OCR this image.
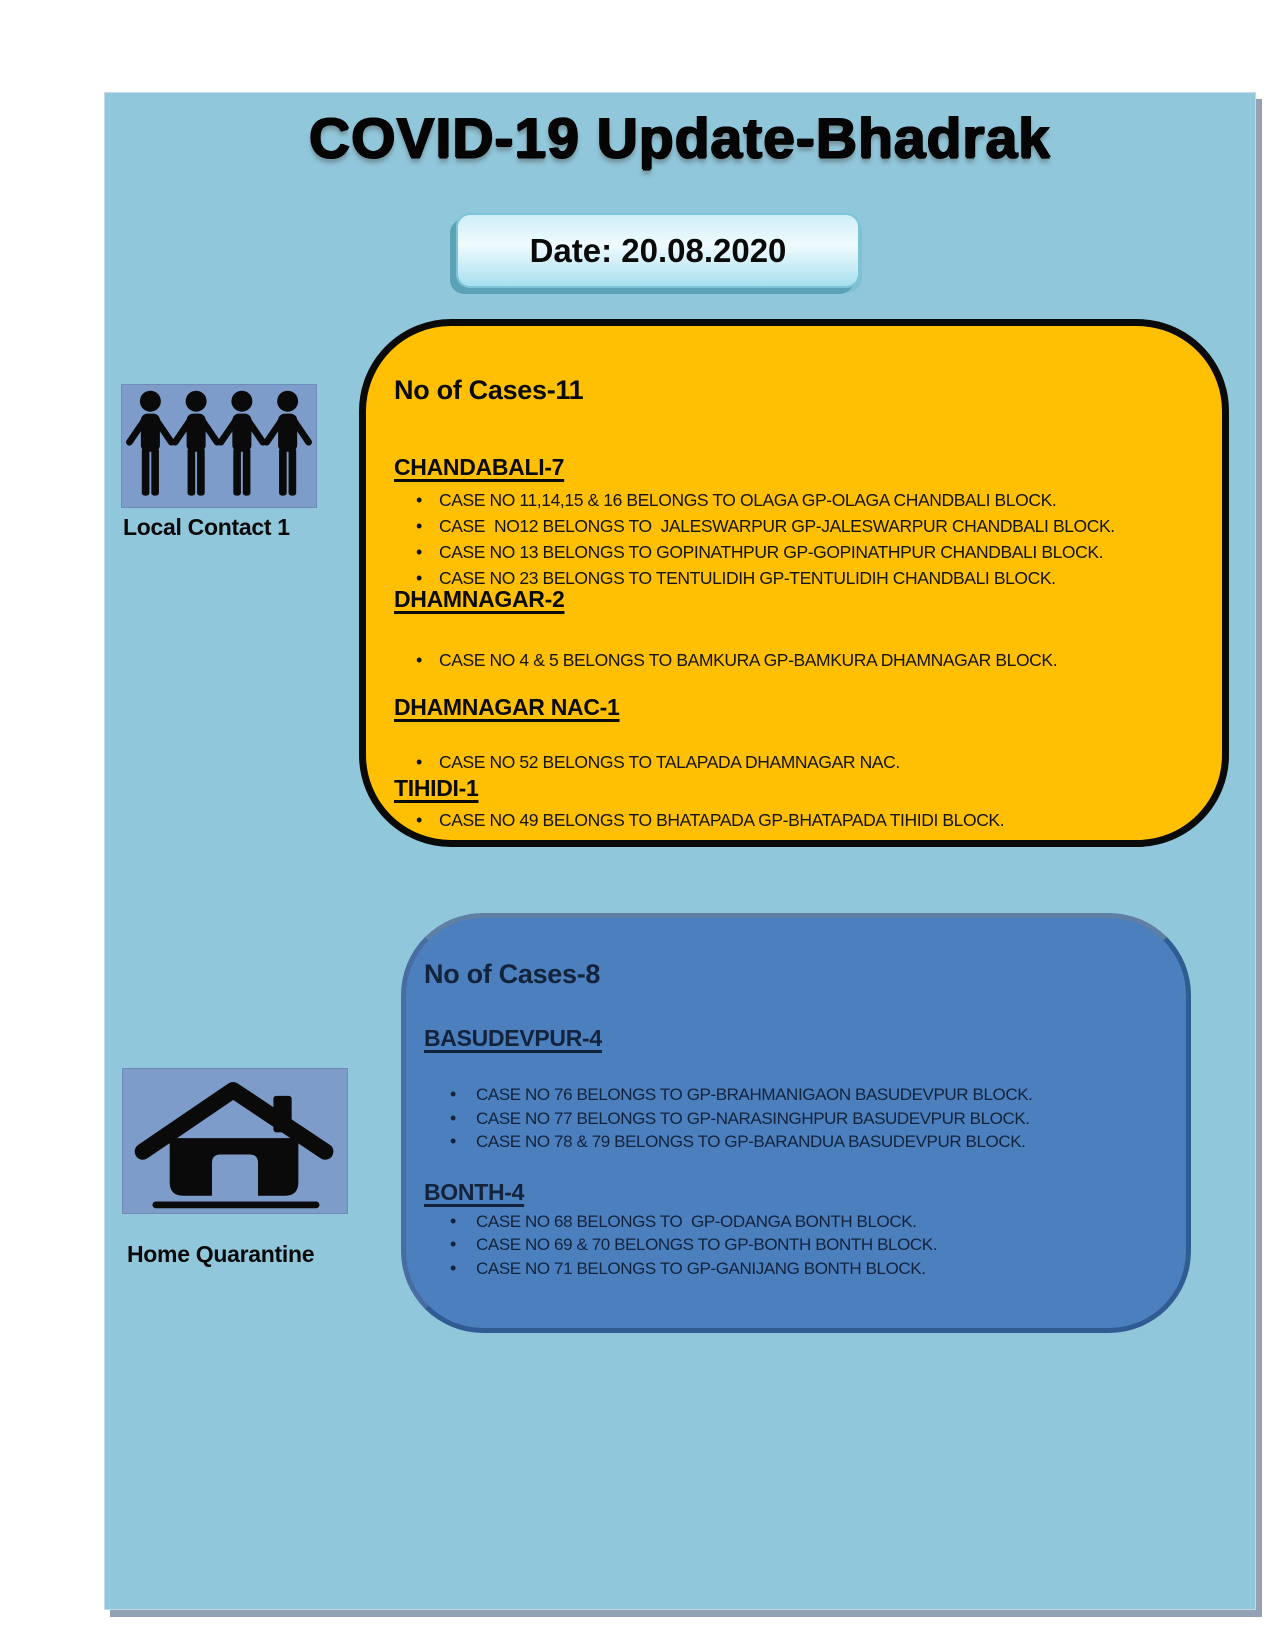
COVID-19 Update-Bhadrak
Date: 20.08.2020
Local Contact 1
Home Quarantine
No of Cases-11
CHANDABALI-7
• CASE NO 11,14,15 & 16 BELONGS TO OLAGA GP-OLAGA CHANDBALI BLOCK.
• CASE  NO12 BELONGS TO  JALESWARPUR GP-JALESWARPUR CHANDBALI BLOCK.
• CASE NO 13 BELONGS TO GOPINATHPUR GP-GOPINATHPUR CHANDBALI BLOCK.
• CASE NO 23 BELONGS TO TENTULIDIH GP-TENTULIDIH CHANDBALI BLOCK.
DHAMNAGAR-2
• CASE NO 4 & 5 BELONGS TO BAMKURA GP-BAMKURA DHAMNAGAR BLOCK.
DHAMNAGAR NAC-1
• CASE NO 52 BELONGS TO TALAPADA DHAMNAGAR NAC.
TIHIDI-1
• CASE NO 49 BELONGS TO BHATAPADA GP-BHATAPADA TIHIDI BLOCK.
No of Cases-8
BASUDEVPUR-4
• CASE NO 76 BELONGS TO GP-BRAHMANIGAON BASUDEVPUR BLOCK.
• CASE NO 77 BELONGS TO GP-NARASINGHPUR BASUDEVPUR BLOCK.
• CASE NO 78 & 79 BELONGS TO GP-BARANDUA BASUDEVPUR BLOCK.
BONTH-4
• CASE NO 68 BELONGS TO  GP-ODANGA BONTH BLOCK.
• CASE NO 69 & 70 BELONGS TO GP-BONTH BONTH BLOCK.
• CASE NO 71 BELONGS TO GP-GANIJANG BONTH BLOCK.
